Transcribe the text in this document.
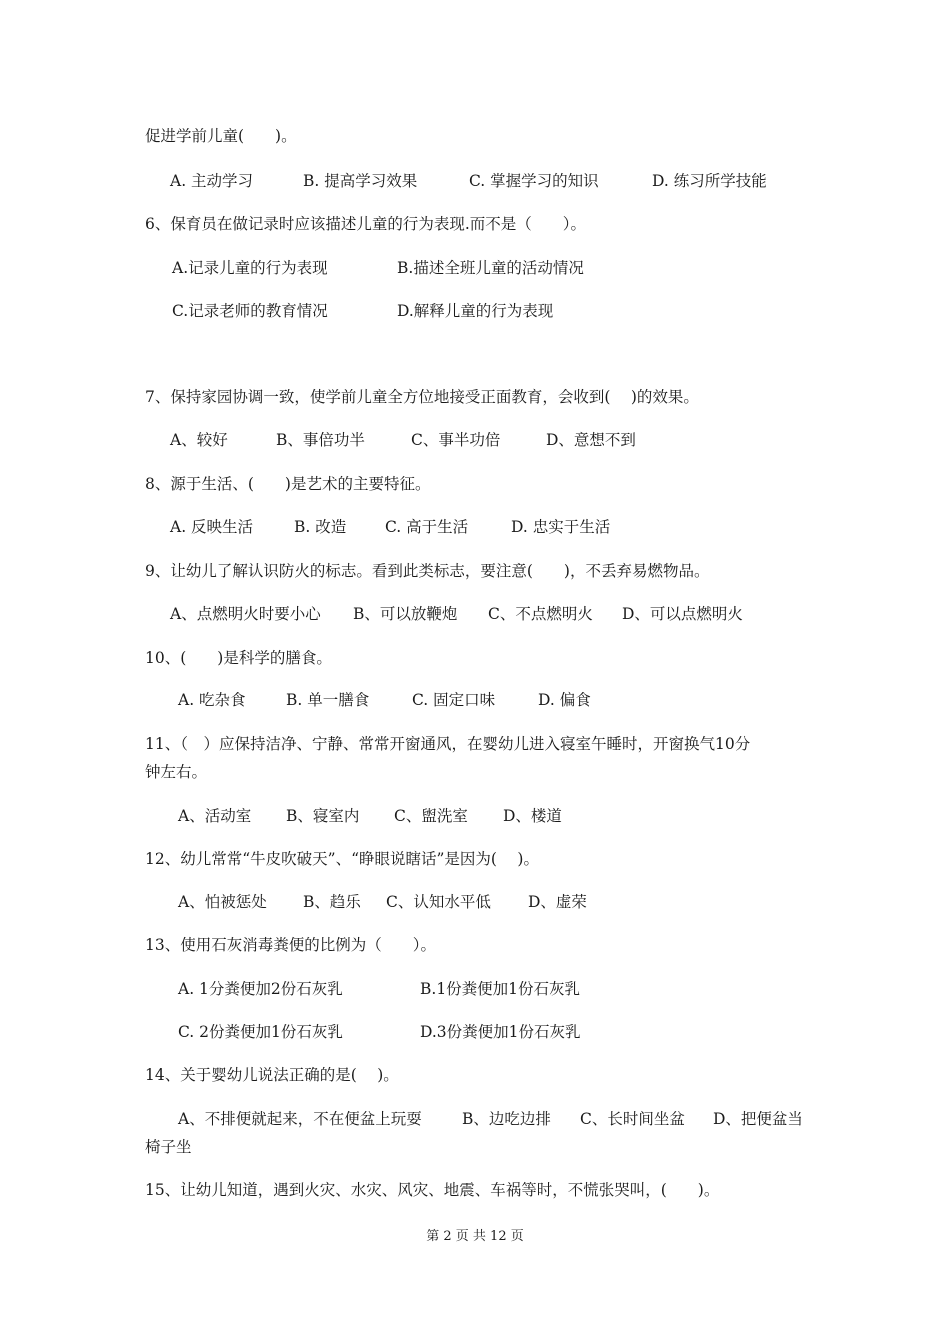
促进学前儿童(　　)。
A. 主动学习	B. 提高学习效果	C. 掌握学习的知识	D. 练习所学技能
6、保育员在做记录时应该描述儿童的行为表现.而不是（　　）。
A.记录儿童的行为表现	B.描述全班儿童的活动情况
C.记录老师的教育情况	D.解释儿童的行为表现
7、保持家园协调一致，使学前儿童全方位地接受正面教育，会收到(　 )的效果。
A、较好	B、事倍功半	C、事半功倍	D、意想不到
8、源于生活、(　　)是艺术的主要特征。
A. 反映生活	B. 改造	C. 高于生活	D. 忠实于生活
9、让幼儿了解认识防火的标志。看到此类标志，要注意(　　)，不丢弃易燃物品。
A、点燃明火时要小心 B、可以放鞭炮 C、不点燃明火 D、可以点燃明火
10、(　　)是科学的膳食。
A. 吃杂食	B. 单一膳食	C. 固定口味	D. 偏食
11、（　）应保持洁净、宁静、常常开窗通风，在婴幼儿进入寝室午睡时，开窗换气10分
钟左右。
A、活动室 B、寝室内 C、盥洗室 D、楼道
12、幼儿常常“牛皮吹破天”、“睁眼说瞎话”是因为(　 )。
A、怕被惩处 B、趋乐 C、认知水平低 D、虚荣
13、使用石灰消毒粪便的比例为（　　）。
A. 1分粪便加2份石灰乳	B.1份粪便加1份石灰乳
C. 2份粪便加1份石灰乳	D.3份粪便加1份石灰乳
14、关于婴幼儿说法正确的是(　 )。
A、不排便就起来，不在便盆上玩耍	B、边吃边排 C、长时间坐盆 D、把便盆当
椅子坐
15、让幼儿知道，遇到火灾、水灾、风灾、地震、车祸等时，不慌张哭叫，(　　)。
第 2 页 共 12 页
